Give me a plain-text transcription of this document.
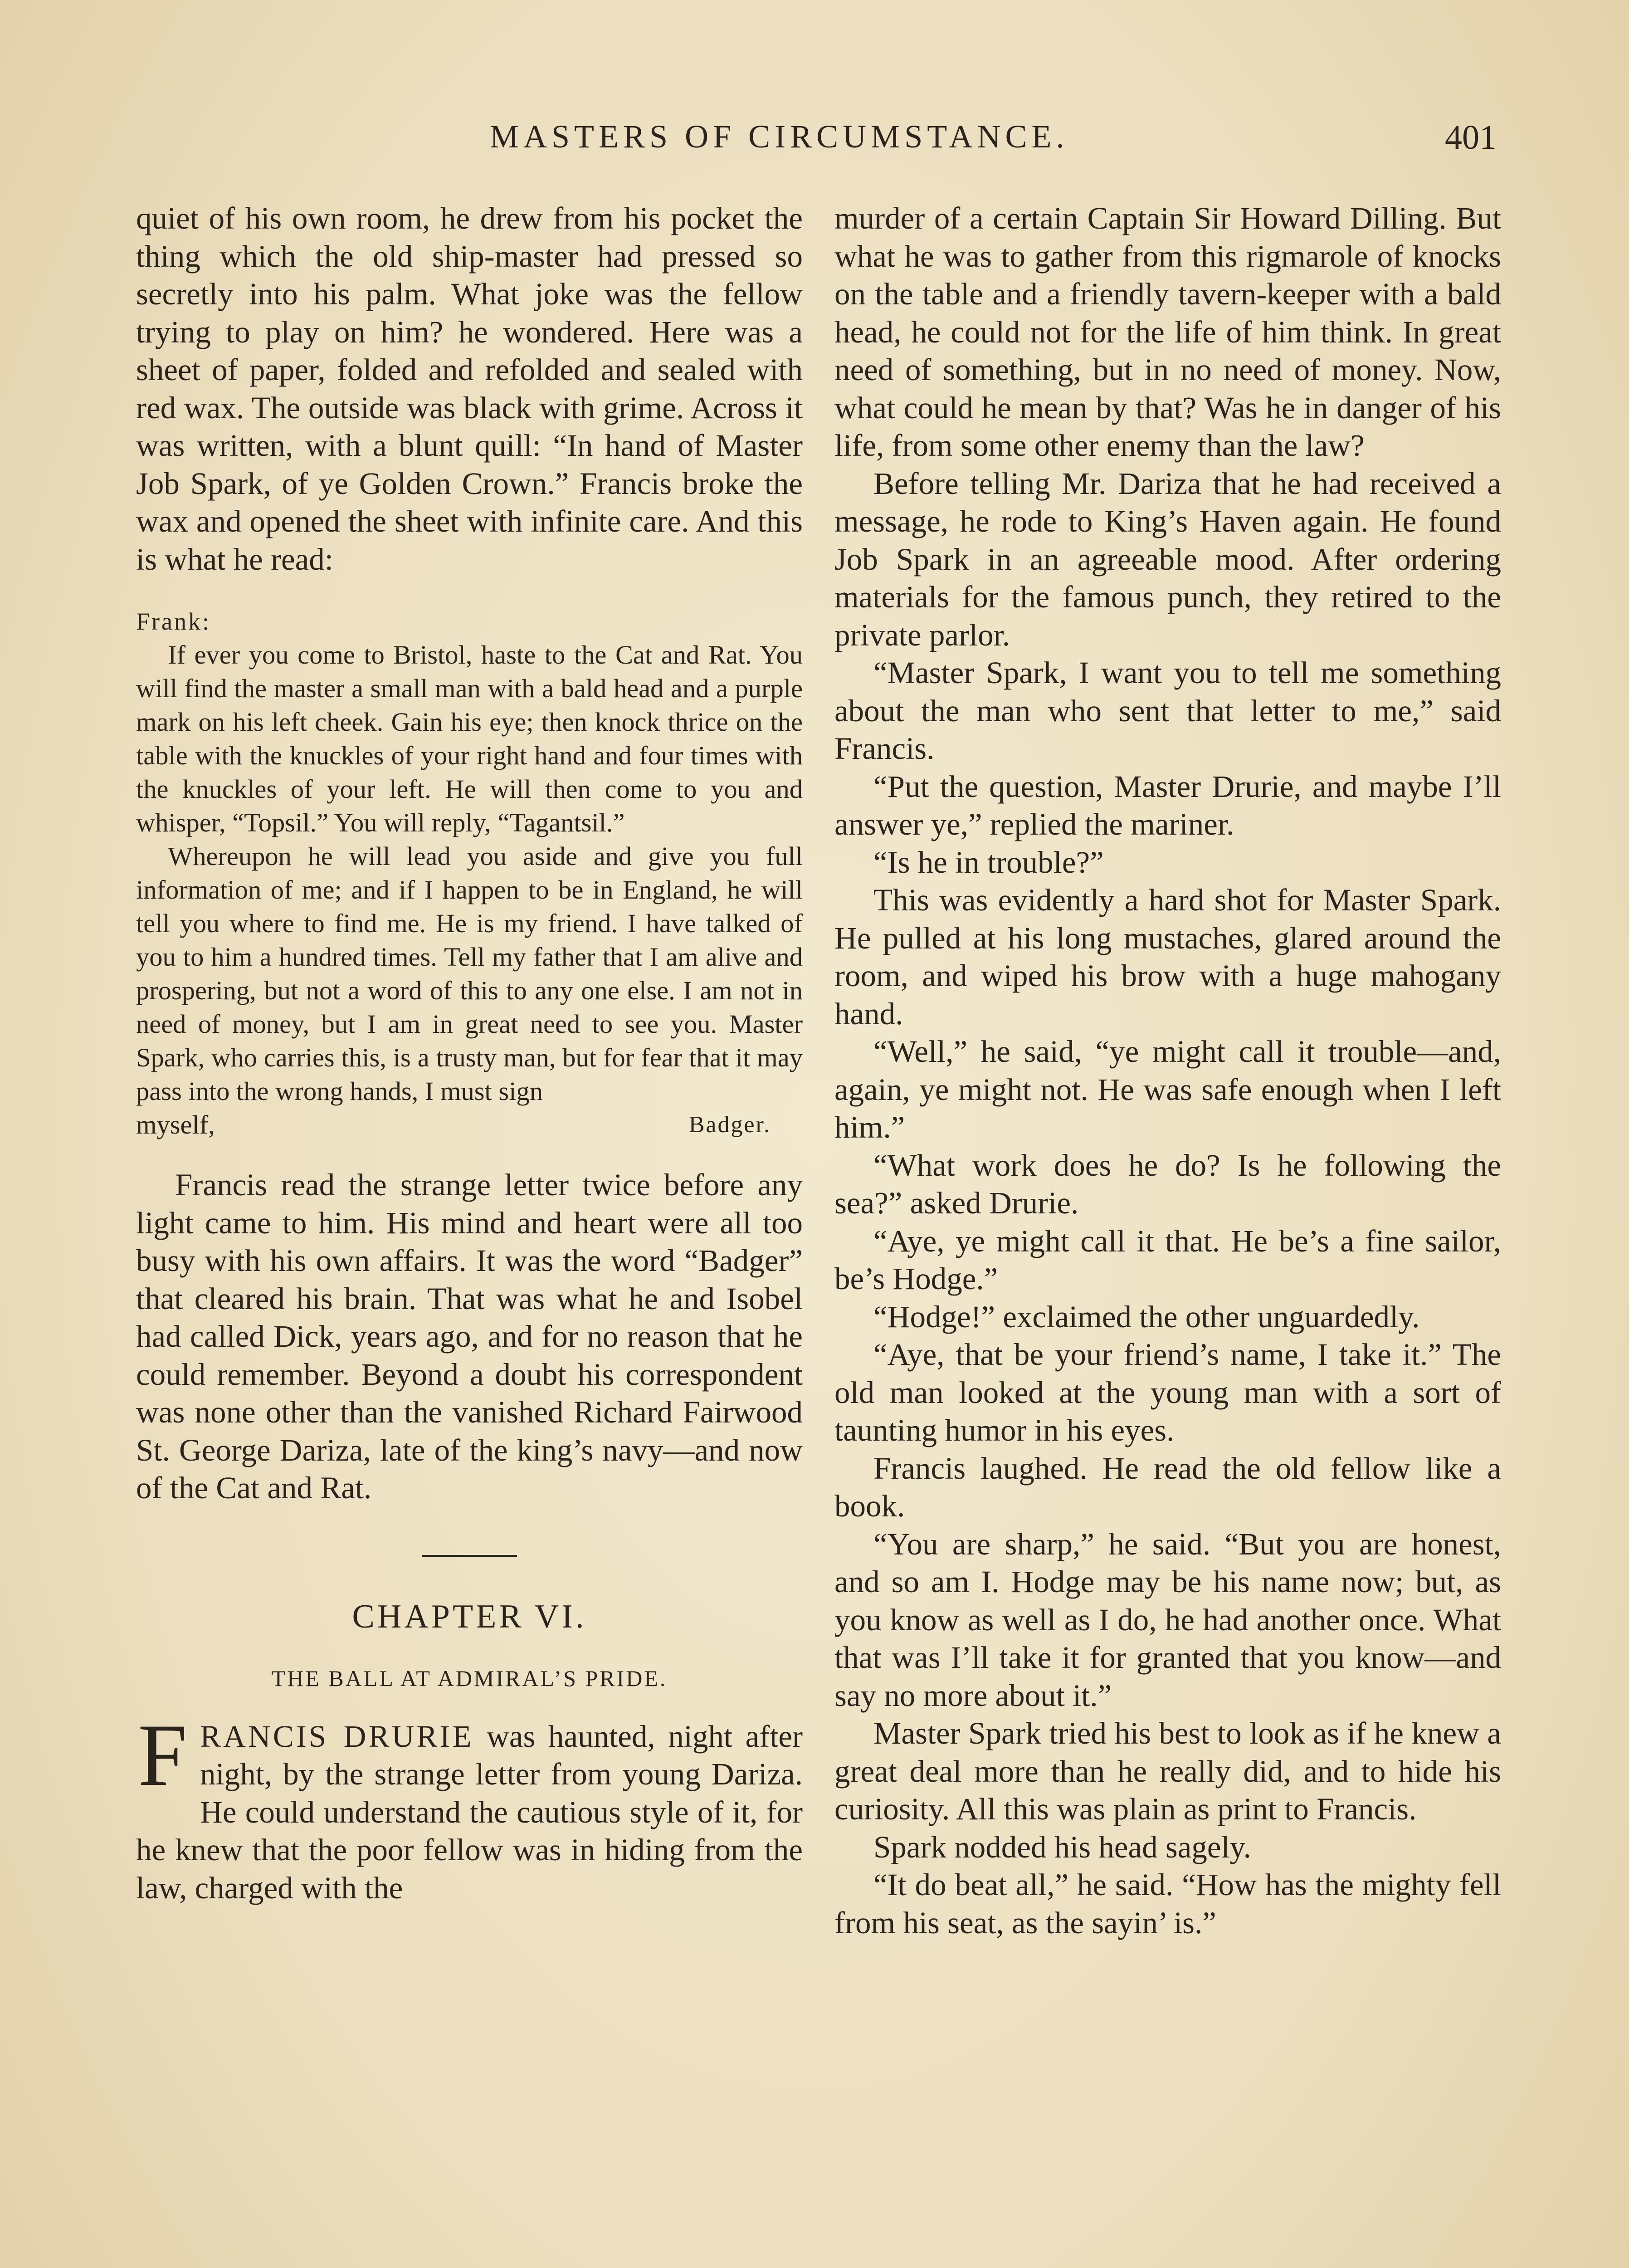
MASTERS OF CIRCUMSTANCE.	401

quiet of his own room, he drew from his pocket the thing which the old ship-master had pressed so secretly into his palm. What joke was the fellow trying to play on him? he wondered. Here was a sheet of paper, folded and refolded and sealed with red wax. The outside was black with grime. Across it was written, with a blunt quill: “In hand of Master Job Spark, of ye Golden Crown.” Francis broke the wax and opened the sheet with infinite care. And this is what he read:

Frank:

If ever you come to Bristol, haste to the Cat and Rat. You will find the master a small man with a bald head and a purple mark on his left cheek. Gain his eye; then knock thrice on the table with the knuckles of your right hand and four times with the knuckles of your left. He will then come to you and whisper, “Topsil.” You will reply, “Tagantsil.”

Whereupon he will lead you aside and give you full information of me; and if I happen to be in England, he will tell you where to find me. He is my friend. I have talked of you to him a hundred times. Tell my father that I am alive and prospering, but not a word of this to any one else. I am not in need of money, but I am in great need to see you. Master Spark, who carries this, is a trusty man, but for fear that it may pass into the wrong hands, I must sign

myself,	Badger.

Francis read the strange letter twice before any light came to him. His mind and heart were all too busy with his own affairs. It was the word “Badger” that cleared his brain. That was what he and Isobel had called Dick, years ago, and for no reason that he could remember. Beyond a doubt his correspondent was none other than the vanished Richard Fairwood St. George Dariza, late of the king’s navy—and now of the Cat and Rat.

CHAPTER VI.

THE BALL AT ADMIRAL’S PRIDE.

FRANCIS DRURIE was haunted, night after night, by the strange letter from young Dariza. He could understand the cautious style of it, for he knew that the poor fellow was in hiding from the law, charged with the

murder of a certain Captain Sir Howard Dilling. But what he was to gather from this rigmarole of knocks on the table and a friendly tavern-keeper with a bald head, he could not for the life of him think. In great need of something, but in no need of money. Now, what could he mean by that? Was he in danger of his life, from some other enemy than the law?

Before telling Mr. Dariza that he had received a message, he rode to King’s Haven again. He found Job Spark in an agreeable mood. After ordering materials for the famous punch, they retired to the private parlor.

“Master Spark, I want you to tell me something about the man who sent that letter to me,” said Francis.

“Put the question, Master Drurie, and maybe I’ll answer ye,” replied the mariner.

“Is he in trouble?”

This was evidently a hard shot for Master Spark. He pulled at his long mustaches, glared around the room, and wiped his brow with a huge mahogany hand.

“Well,” he said, “ye might call it trouble—and, again, ye might not. He was safe enough when I left him.”

“What work does he do? Is he following the sea?” asked Drurie.

“Aye, ye might call it that. He be’s a fine sailor, be’s Hodge.”

“Hodge!” exclaimed the other unguardedly.

“Aye, that be your friend’s name, I take it.” The old man looked at the young man with a sort of taunting humor in his eyes.

Francis laughed. He read the old fellow like a book.

“You are sharp,” he said. “But you are honest, and so am I. Hodge may be his name now; but, as you know as well as I do, he had another once. What that was I’ll take it for granted that you know—and say no more about it.”

Master Spark tried his best to look as if he knew a great deal more than he really did, and to hide his curiosity. All this was plain as print to Francis.

Spark nodded his head sagely.

“It do beat all,” he said. “How has the mighty fell from his seat, as the sayin’ is.”
